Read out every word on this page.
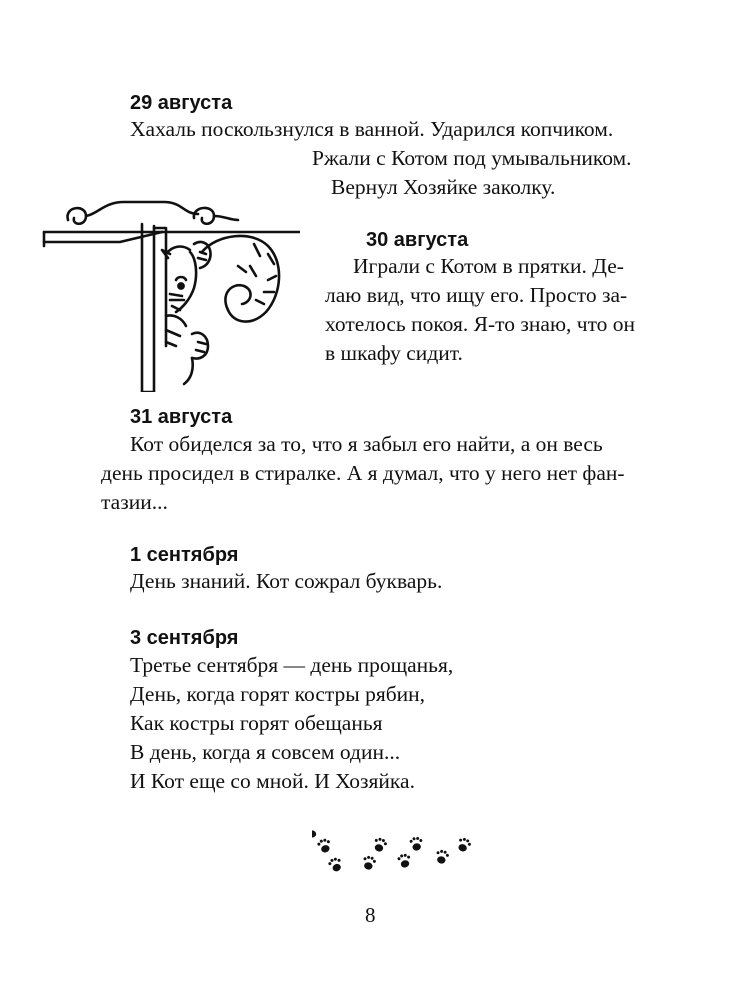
29 августа
Хахаль поскользнулся в ванной. Ударился копчиком.
Ржали с Котом под умывальником.
Вернул Хозяйке заколку.
30 августа
Играли с Котом в прятки. Де-
лаю вид, что ищу его. Просто за-
хотелось покоя. Я-то знаю, что он
в шкафу сидит.
31 августа
Кот обиделся за то, что я забыл его найти, а он весь
день просидел в стиралке. А я думал, что у него нет фан-
тазии...
1 сентября
День знаний. Кот сожрал букварь.
3 сентября
Третье сентября — день прощанья,
День, когда горят костры рябин,
Как костры горят обещанья
В день, когда я совсем один...
И Кот еще со мной. И Хозяйка.
8
